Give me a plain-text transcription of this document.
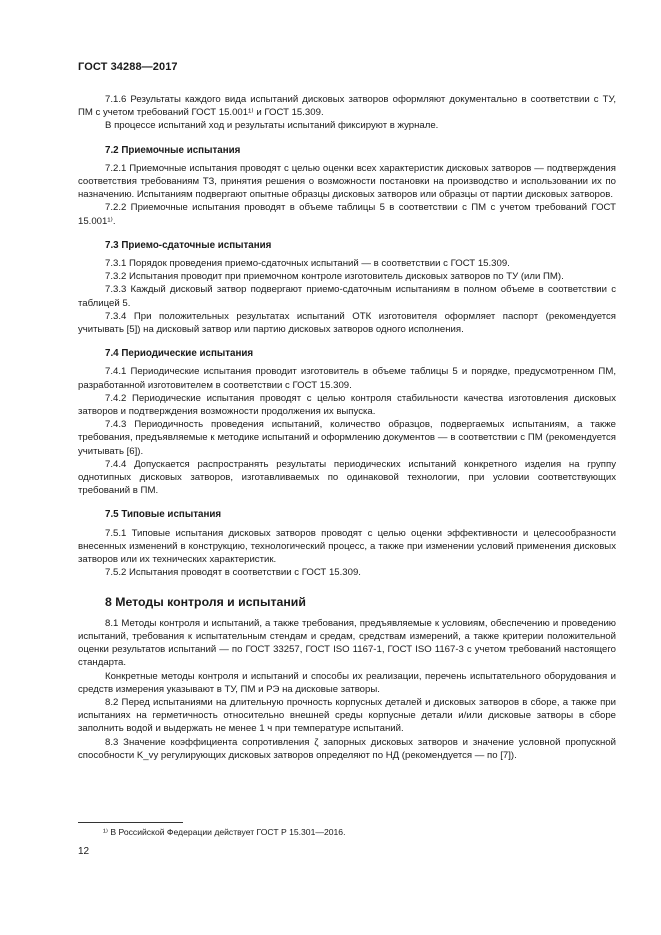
ГОСТ 34288—2017

7.1.6 Результаты каждого вида испытаний дисковых затворов оформляют документально в соответствии с ТУ, ПМ с учетом требований ГОСТ 15.001¹⁾ и ГОСТ 15.309.

В процессе испытаний ход и результаты испытаний фиксируют в журнале.

7.2 Приемочные испытания

7.2.1 Приемочные испытания проводят с целью оценки всех характеристик дисковых затворов — подтверждения соответствия требованиям ТЗ, принятия решения о возможности постановки на производство и использовании их по назначению. Испытаниям подвергают опытные образцы дисковых затворов или образцы от партии дисковых затворов.

7.2.2 Приемочные испытания проводят в объеме таблицы 5 в соответствии с ПМ с учетом требований ГОСТ 15.001¹⁾.

7.3 Приемо-сдаточные испытания

7.3.1 Порядок проведения приемо-сдаточных испытаний — в соответствии с ГОСТ 15.309.

7.3.2 Испытания проводит при приемочном контроле изготовитель дисковых затворов по ТУ (или ПМ).

7.3.3 Каждый дисковый затвор подвергают приемо-сдаточным испытаниям в полном объеме в соответствии с таблицей 5.

7.3.4 При положительных результатах испытаний ОТК изготовителя оформляет паспорт (рекомендуется учитывать [5]) на дисковый затвор или партию дисковых затворов одного исполнения.

7.4 Периодические испытания

7.4.1 Периодические испытания проводит изготовитель в объеме таблицы 5 и порядке, предусмотренном ПМ, разработанной изготовителем в соответствии с ГОСТ 15.309.

7.4.2 Периодические испытания проводят с целью контроля стабильности качества изготовления дисковых затворов и подтверждения возможности продолжения их выпуска.

7.4.3 Периодичность проведения испытаний, количество образцов, подвергаемых испытаниям, а также требования, предъявляемые к методике испытаний и оформлению документов — в соответствии с ПМ (рекомендуется учитывать [6]).

7.4.4 Допускается распространять результаты периодических испытаний конкретного изделия на группу однотипных дисковых затворов, изготавливаемых по одинаковой технологии, при условии соответствующих требований в ПМ.

7.5 Типовые испытания

7.5.1 Типовые испытания дисковых затворов проводят с целью оценки эффективности и целесообразности внесенных изменений в конструкцию, технологический процесс, а также при изменении условий применения дисковых затворов или их технических характеристик.

7.5.2 Испытания проводят в соответствии с ГОСТ 15.309.

8 Методы контроля и испытаний

8.1 Методы контроля и испытаний, а также требования, предъявляемые к условиям, обеспечению и проведению испытаний, требования к испытательным стендам и средам, средствам измерений, а также критерии положительной оценки результатов испытаний — по ГОСТ 33257, ГОСТ ISO 1167-1, ГОСТ ISO 1167-3 с учетом требований настоящего стандарта.

Конкретные методы контроля и испытаний и способы их реализации, перечень испытательного оборудования и средств измерения указывают в ТУ, ПМ и РЭ на дисковые затворы.

8.2 Перед испытаниями на длительную прочность корпусных деталей и дисковых затворов в сборе, а также при испытаниях на герметичность относительно внешней среды корпусные детали и/или дисковые затворы в сборе заполнить водой и выдержать не менее 1 ч при температуре испытаний.

8.3 Значение коэффициента сопротивления ζ запорных дисковых затворов и значение условной пропускной способности K_vy регулирующих дисковых затворов определяют по НД (рекомендуется — по [7]).

¹⁾ В Российской Федерации действует ГОСТ Р 15.301—2016.
12
